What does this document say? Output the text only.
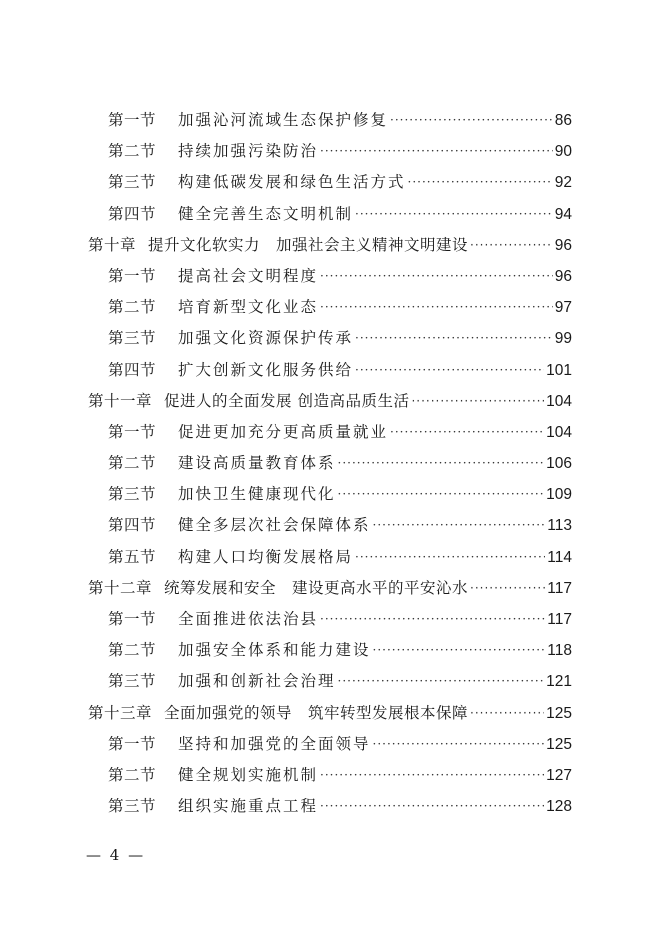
第一节 加强沁河流域生态保护修复 ·····	86
第二节 持续加强污染防治 ·····	90
第三节 构建低碳发展和绿色生活方式 ·····	92
第四节 健全完善生态文明机制 ·····	94
第十章 提升文化软实力　加强社会主义精神文明建设 ·····	96
第一节 提高社会文明程度 ·····	96
第二节 培育新型文化业态 ·····	97
第三节 加强文化资源保护传承 ·····	99
第四节 扩大创新文化服务供给 ·····	101
第十一章 促进人的全面发展 创造高品质生活 ·····	104
第一节 促进更加充分更高质量就业 ·····	104
第二节 建设高质量教育体系 ·····	106
第三节 加快卫生健康现代化 ·····	109
第四节 健全多层次社会保障体系 ·····	113
第五节 构建人口均衡发展格局 ·····	114
第十二章 统筹发展和安全　建设更高水平的平安沁水 ·····	117
第一节 全面推进依法治县 ·····	117
第二节 加强安全体系和能力建设 ·····	118
第三节 加强和创新社会治理 ·····	121
第十三章 全面加强党的领导　筑牢转型发展根本保障 ·····	125
第一节 坚持和加强党的全面领导 ·····	125
第二节 健全规划实施机制 ·····	127
第三节 组织实施重点工程 ·····	128
— 4 —
